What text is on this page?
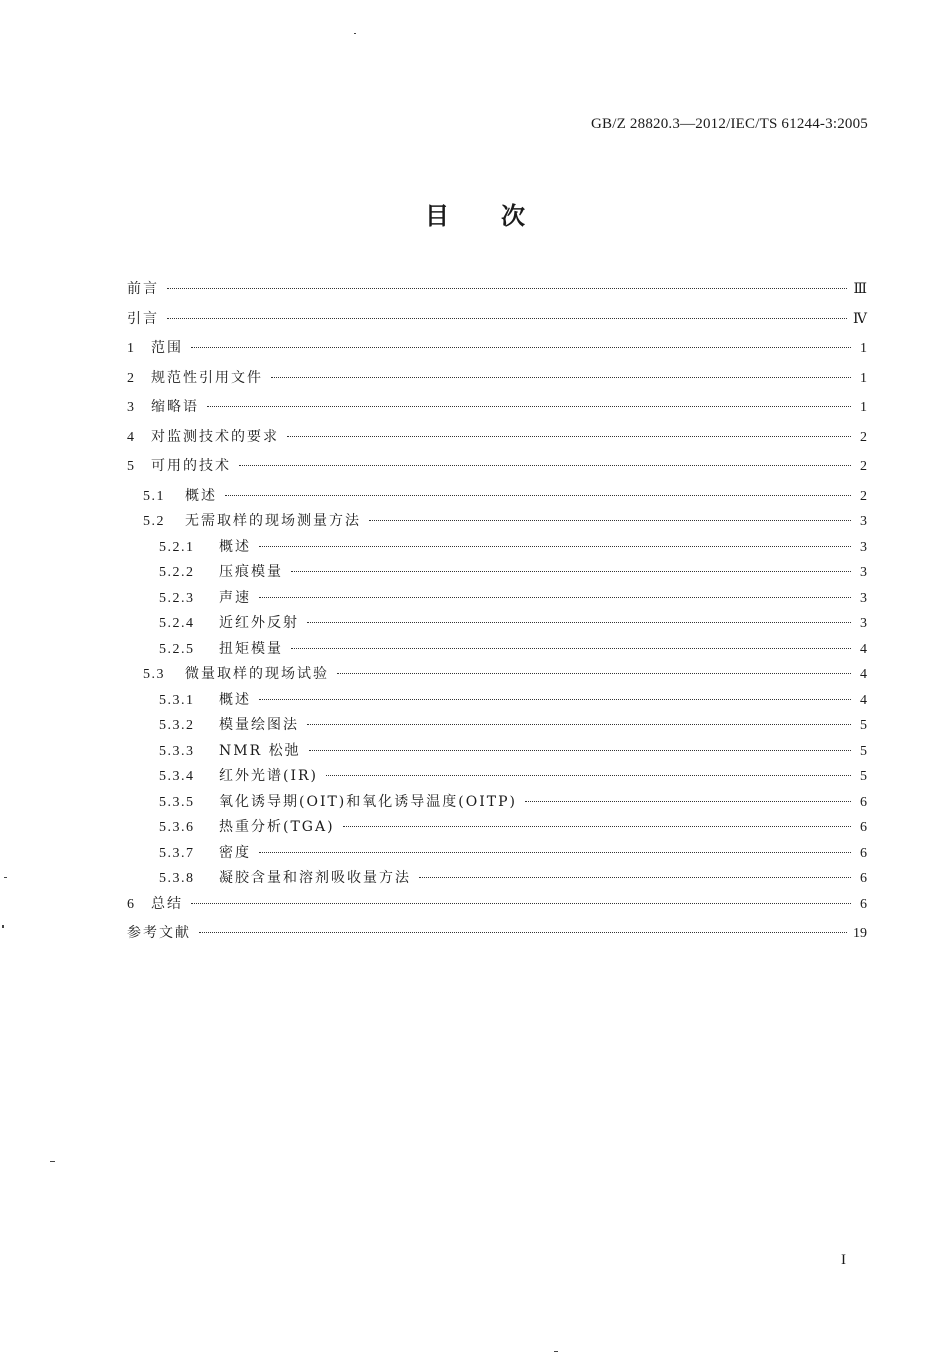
GB/Z 28820.3—2012/IEC/TS 61244-3:2005
目次
前言	Ⅲ
引言	Ⅳ
1	范围	1
2	规范性引用文件	1
3	缩略语	1
4	对监测技术的要求	2
5	可用的技术	2
5.1	概述	2
5.2	无需取样的现场测量方法	3
5.2.1	概述	3
5.2.2	压痕模量	3
5.2.3	声速	3
5.2.4	近红外反射	3
5.2.5	扭矩模量	4
5.3	微量取样的现场试验	4
5.3.1	概述	4
5.3.2	模量绘图法	5
5.3.3	NMR 松弛	5
5.3.4	红外光谱(IR)	5
5.3.5	氧化诱导期(OIT)和氧化诱导温度(OITP)	6
5.3.6	热重分析(TGA)	6
5.3.7	密度	6
5.3.8	凝胶含量和溶剂吸收量方法	6
6	总结	6
参考文献	19
I
